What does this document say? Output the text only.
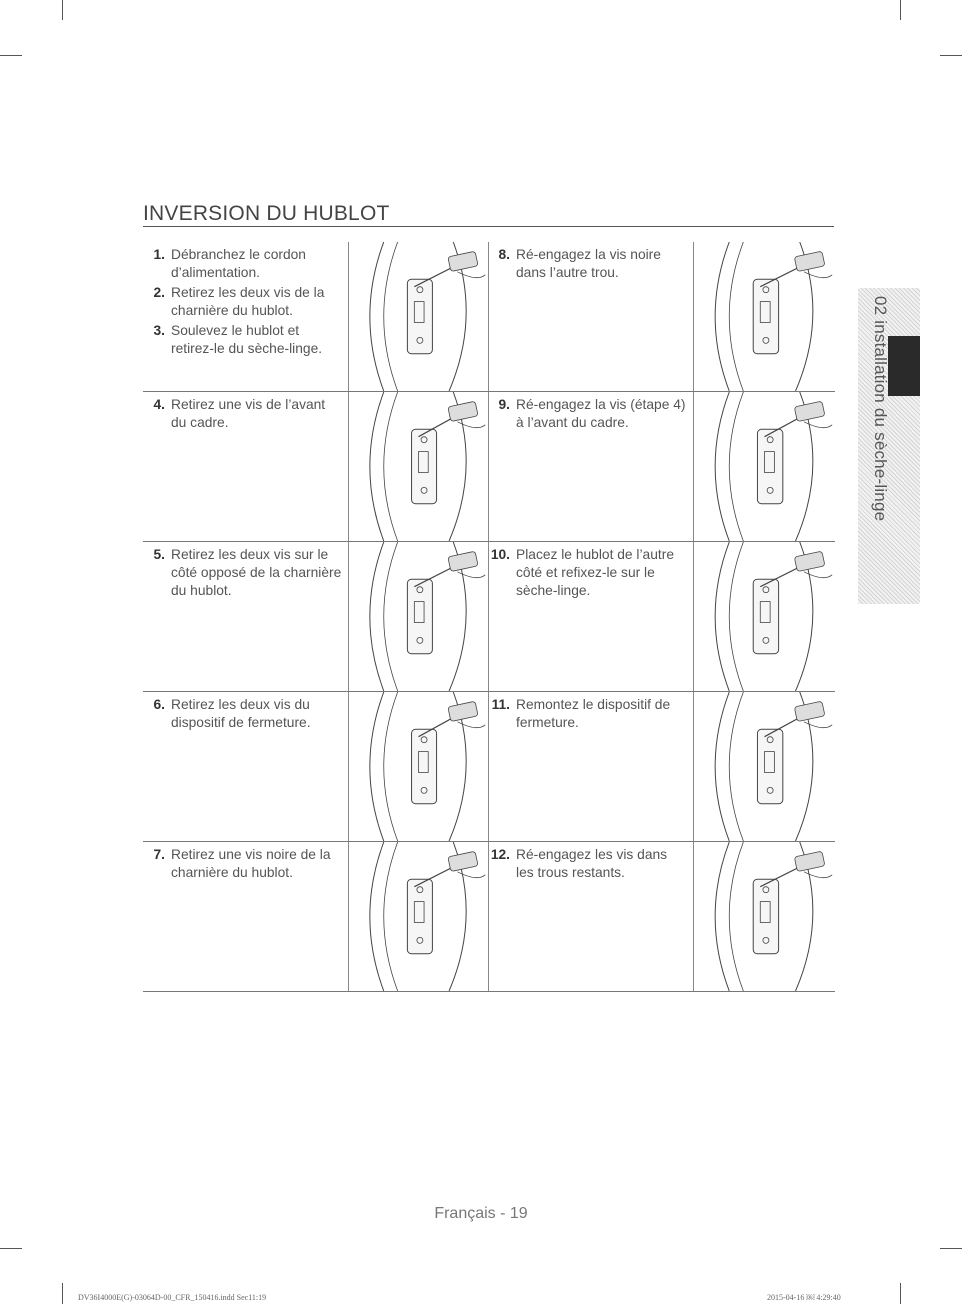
INVERSION DU HUBLOT
1. Débranchez le cordon d’alimentation.
2. Retirez les deux vis de la charnière du hublot.
3. Soulevez le hublot et retirez-le du sèche-linge.
4. Retirez une vis de l’avant du cadre.
5. Retirez les deux vis sur le côté opposé de la charnière du hublot.
6. Retirez les deux vis du dispositif de fermeture.
7. Retirez une vis noire de la charnière du hublot.
8. Ré-engagez la vis noire dans l’autre trou.
9. Ré-engagez la vis (étape 4) à l’avant du cadre.
10. Placez le hublot de l’autre côté et refixez-le sur le sèche-linge.
11. Remontez le dispositif de fermeture.
12. Ré-engagez les vis dans les trous restants.
02 installation du sèche-linge
Français - 19
DV36I4000E(G)-03064D-00_CFR_150416.indd Sec11:19	2015-04-16 ￼ 4:29:40
